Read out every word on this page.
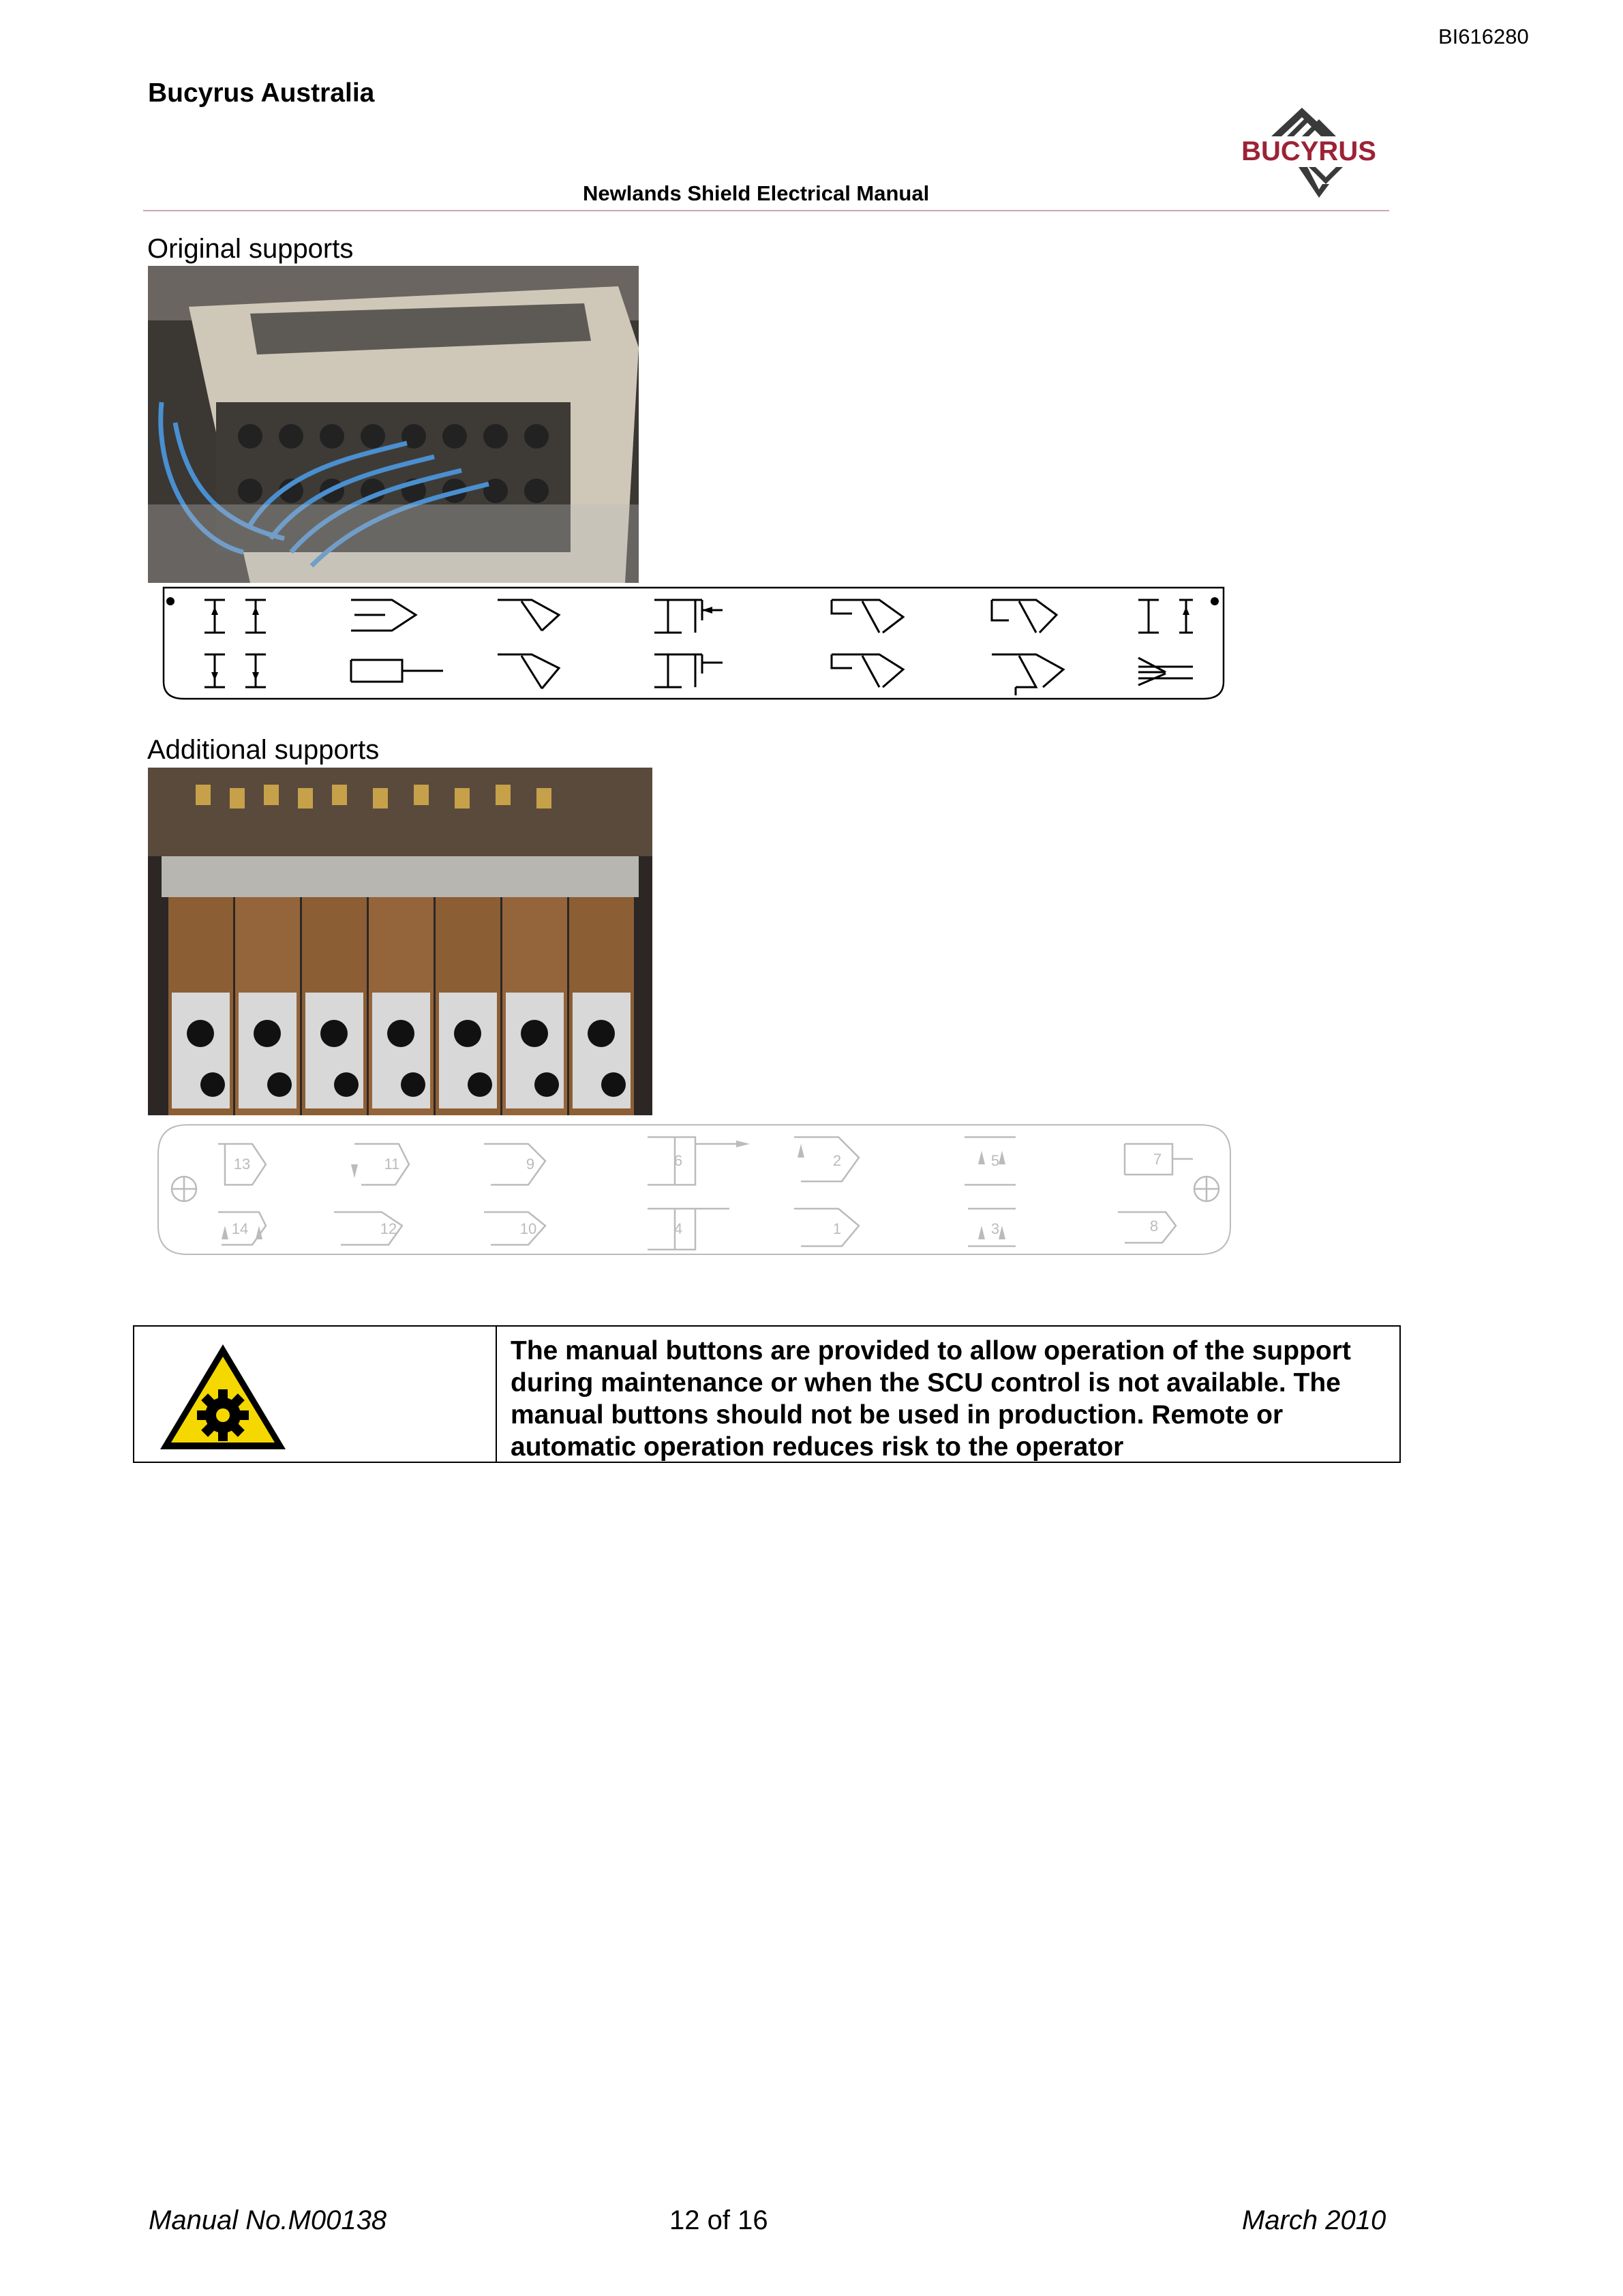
BI616280
Bucyrus Australia
BUCYRUS
Newlands Shield Electrical Manual
Original supports
Additional supports
13
14
11
12
9
10
6
4
2
1
5
3
7
8
The manual buttons are provided to allow operation of the support during maintenance or when the SCU control is not available. The manual buttons should not be used in production. Remote or automatic operation reduces risk to the operator
Manual No.M00138	12 of 16	March 2010
